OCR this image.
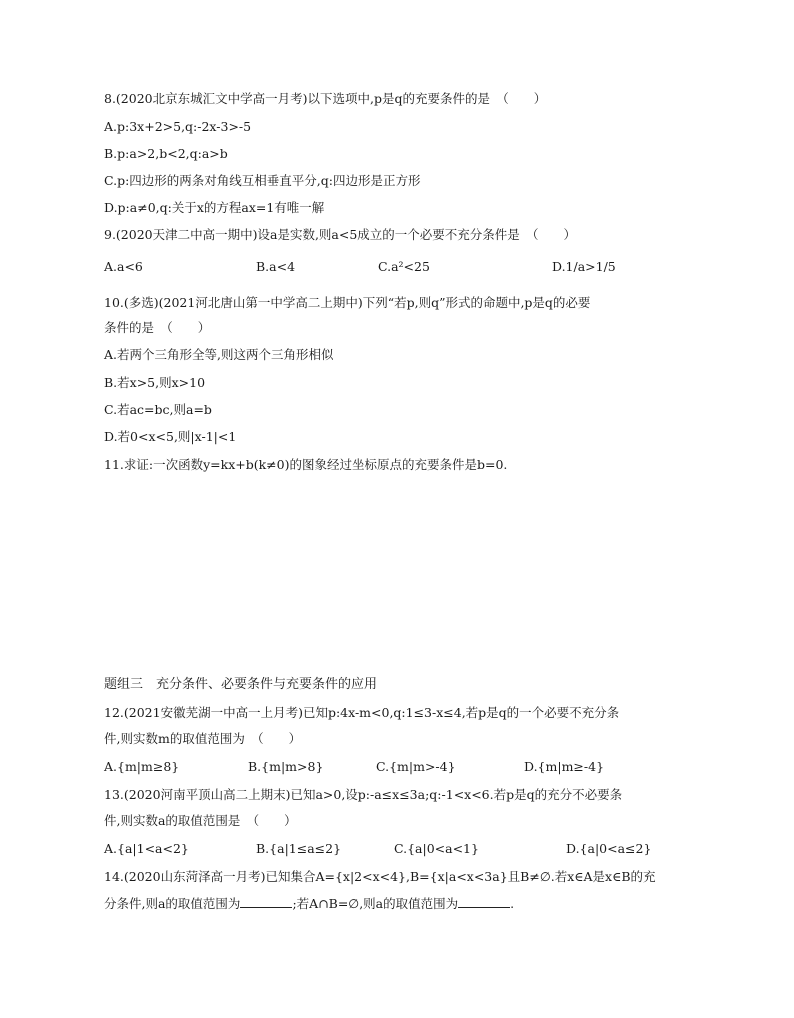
8.(2020北京东城汇文中学高一月考)以下选项中,p是q的充要条件的是　（　　）
A.p:3x+2>5,q:-2x-3>-5
B.p:a>2,b<2,q:a>b
C.p:四边形的两条对角线互相垂直平分,q:四边形是正方形
D.p:a≠0,q:关于x的方程ax=1有唯一解
9.(2020天津二中高一期中)设a是实数,则a<5成立的一个必要不充分条件是　（　　）
A.a<6	B.a<4	C.a²<25	D.1/a>1/5
10.(多选)(2021河北唐山第一中学高二上期中)下列“若p,则q”形式的命题中,p是q的必要
条件的是　（　　）
A.若两个三角形全等,则这两个三角形相似
B.若x>5,则x>10
C.若ac=bc,则a=b
D.若0<x<5,则|x-1|<1
11.求证:一次函数y=kx+b(k≠0)的图象经过坐标原点的充要条件是b=0.
题组三　充分条件、必要条件与充要条件的应用
12.(2021安徽芜湖一中高一上月考)已知p:4x-m<0,q:1≤3-x≤4,若p是q的一个必要不充分条
件,则实数m的取值范围为　（　　）
A.{m|m≥8}	B.{m|m>8}	C.{m|m>-4}	D.{m|m≥-4}
13.(2020河南平顶山高二上期末)已知a>0,设p:-a≤x≤3a;q:-1<x<6.若p是q的充分不必要条
件,则实数a的取值范围是　（　　）
A.{a|1<a<2}	B.{a|1≤a≤2}	C.{a|0<a<1}	D.{a|0<a≤2}
14.(2020山东菏泽高一月考)已知集合A={x|2<x<4},B={x|a<x<3a}且B≠∅.若x∈A是x∈B的充
分条件,则a的取值范围为	;若A∩B=∅,则a的取值范围为	.
